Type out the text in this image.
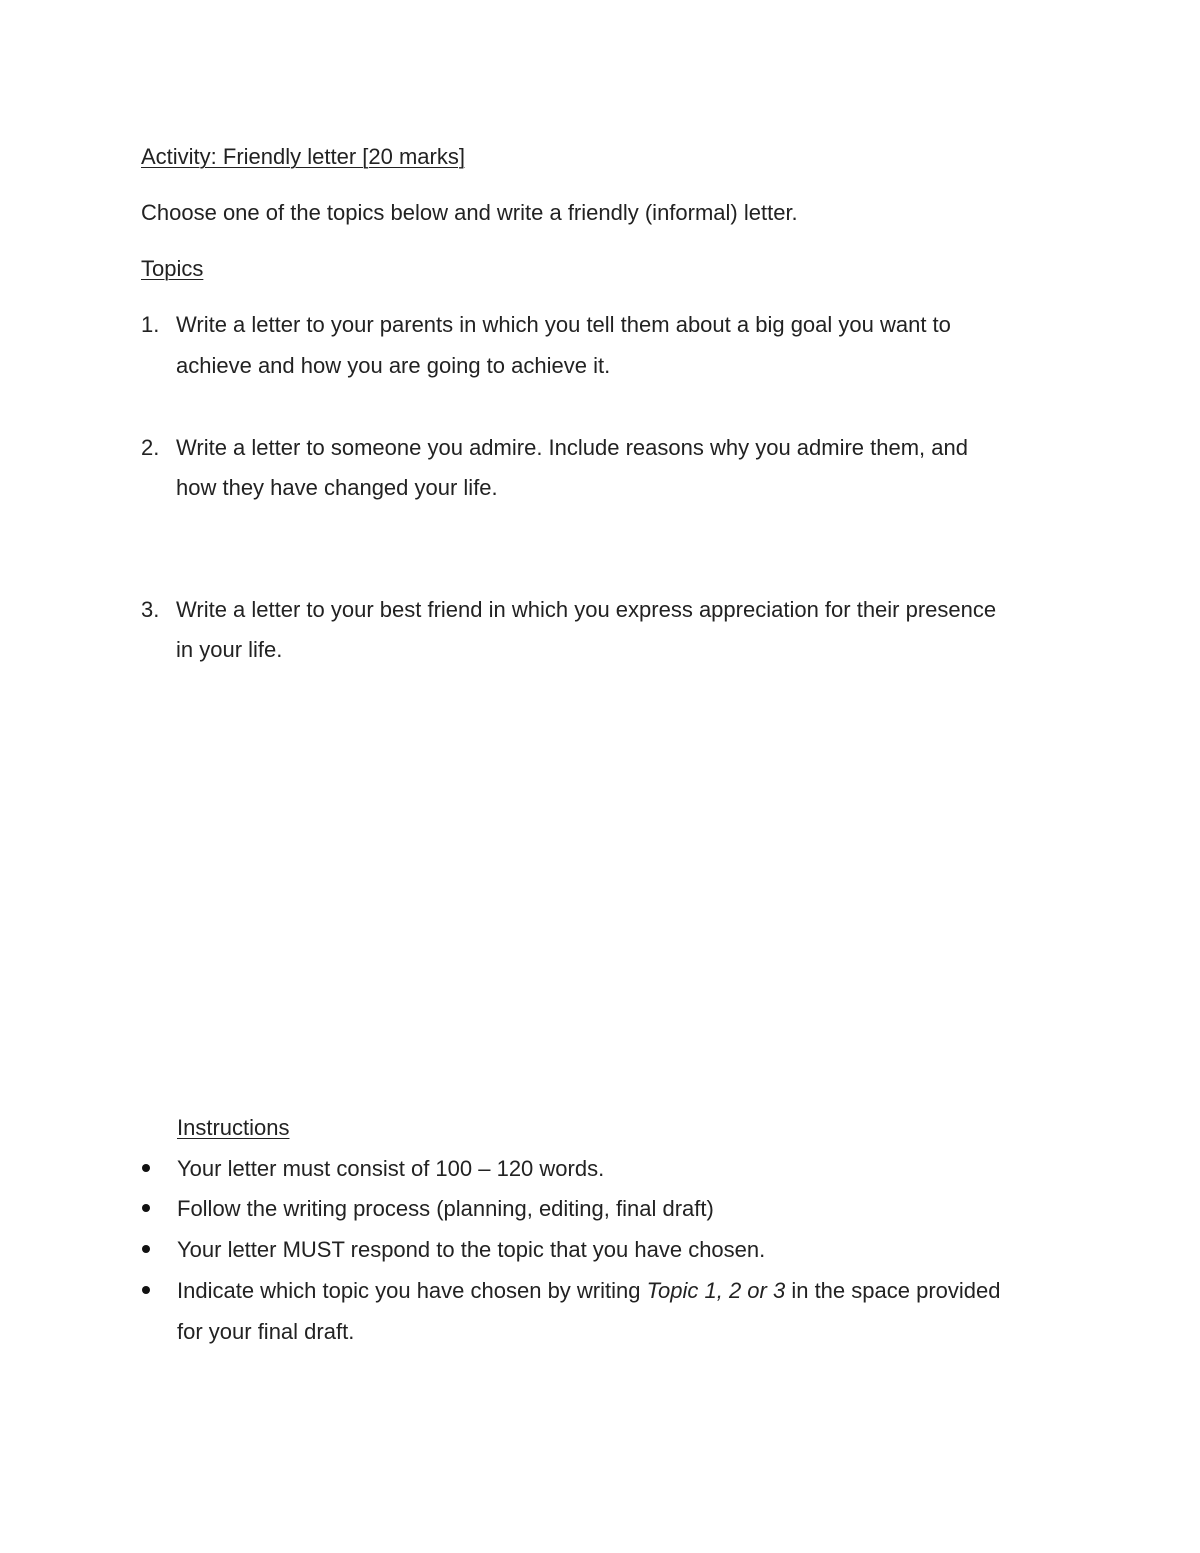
Activity: Friendly letter [20 marks]
Choose one of the topics below and write a friendly (informal) letter.
Topics
1. Write a letter to your parents in which you tell them about a big goal you want to
achieve and how you are going to achieve it.
2. Write a letter to someone you admire. Include reasons why you admire them, and
how they have changed your life.
3. Write a letter to your best friend in which you express appreciation for their presence
in your life.
Instructions
Your letter must consist of 100 – 120 words.
Follow the writing process (planning, editing, final draft)
Your letter MUST respond to the topic that you have chosen.
Indicate which topic you have chosen by writing Topic 1, 2 or 3 in the space provided
for your final draft.
